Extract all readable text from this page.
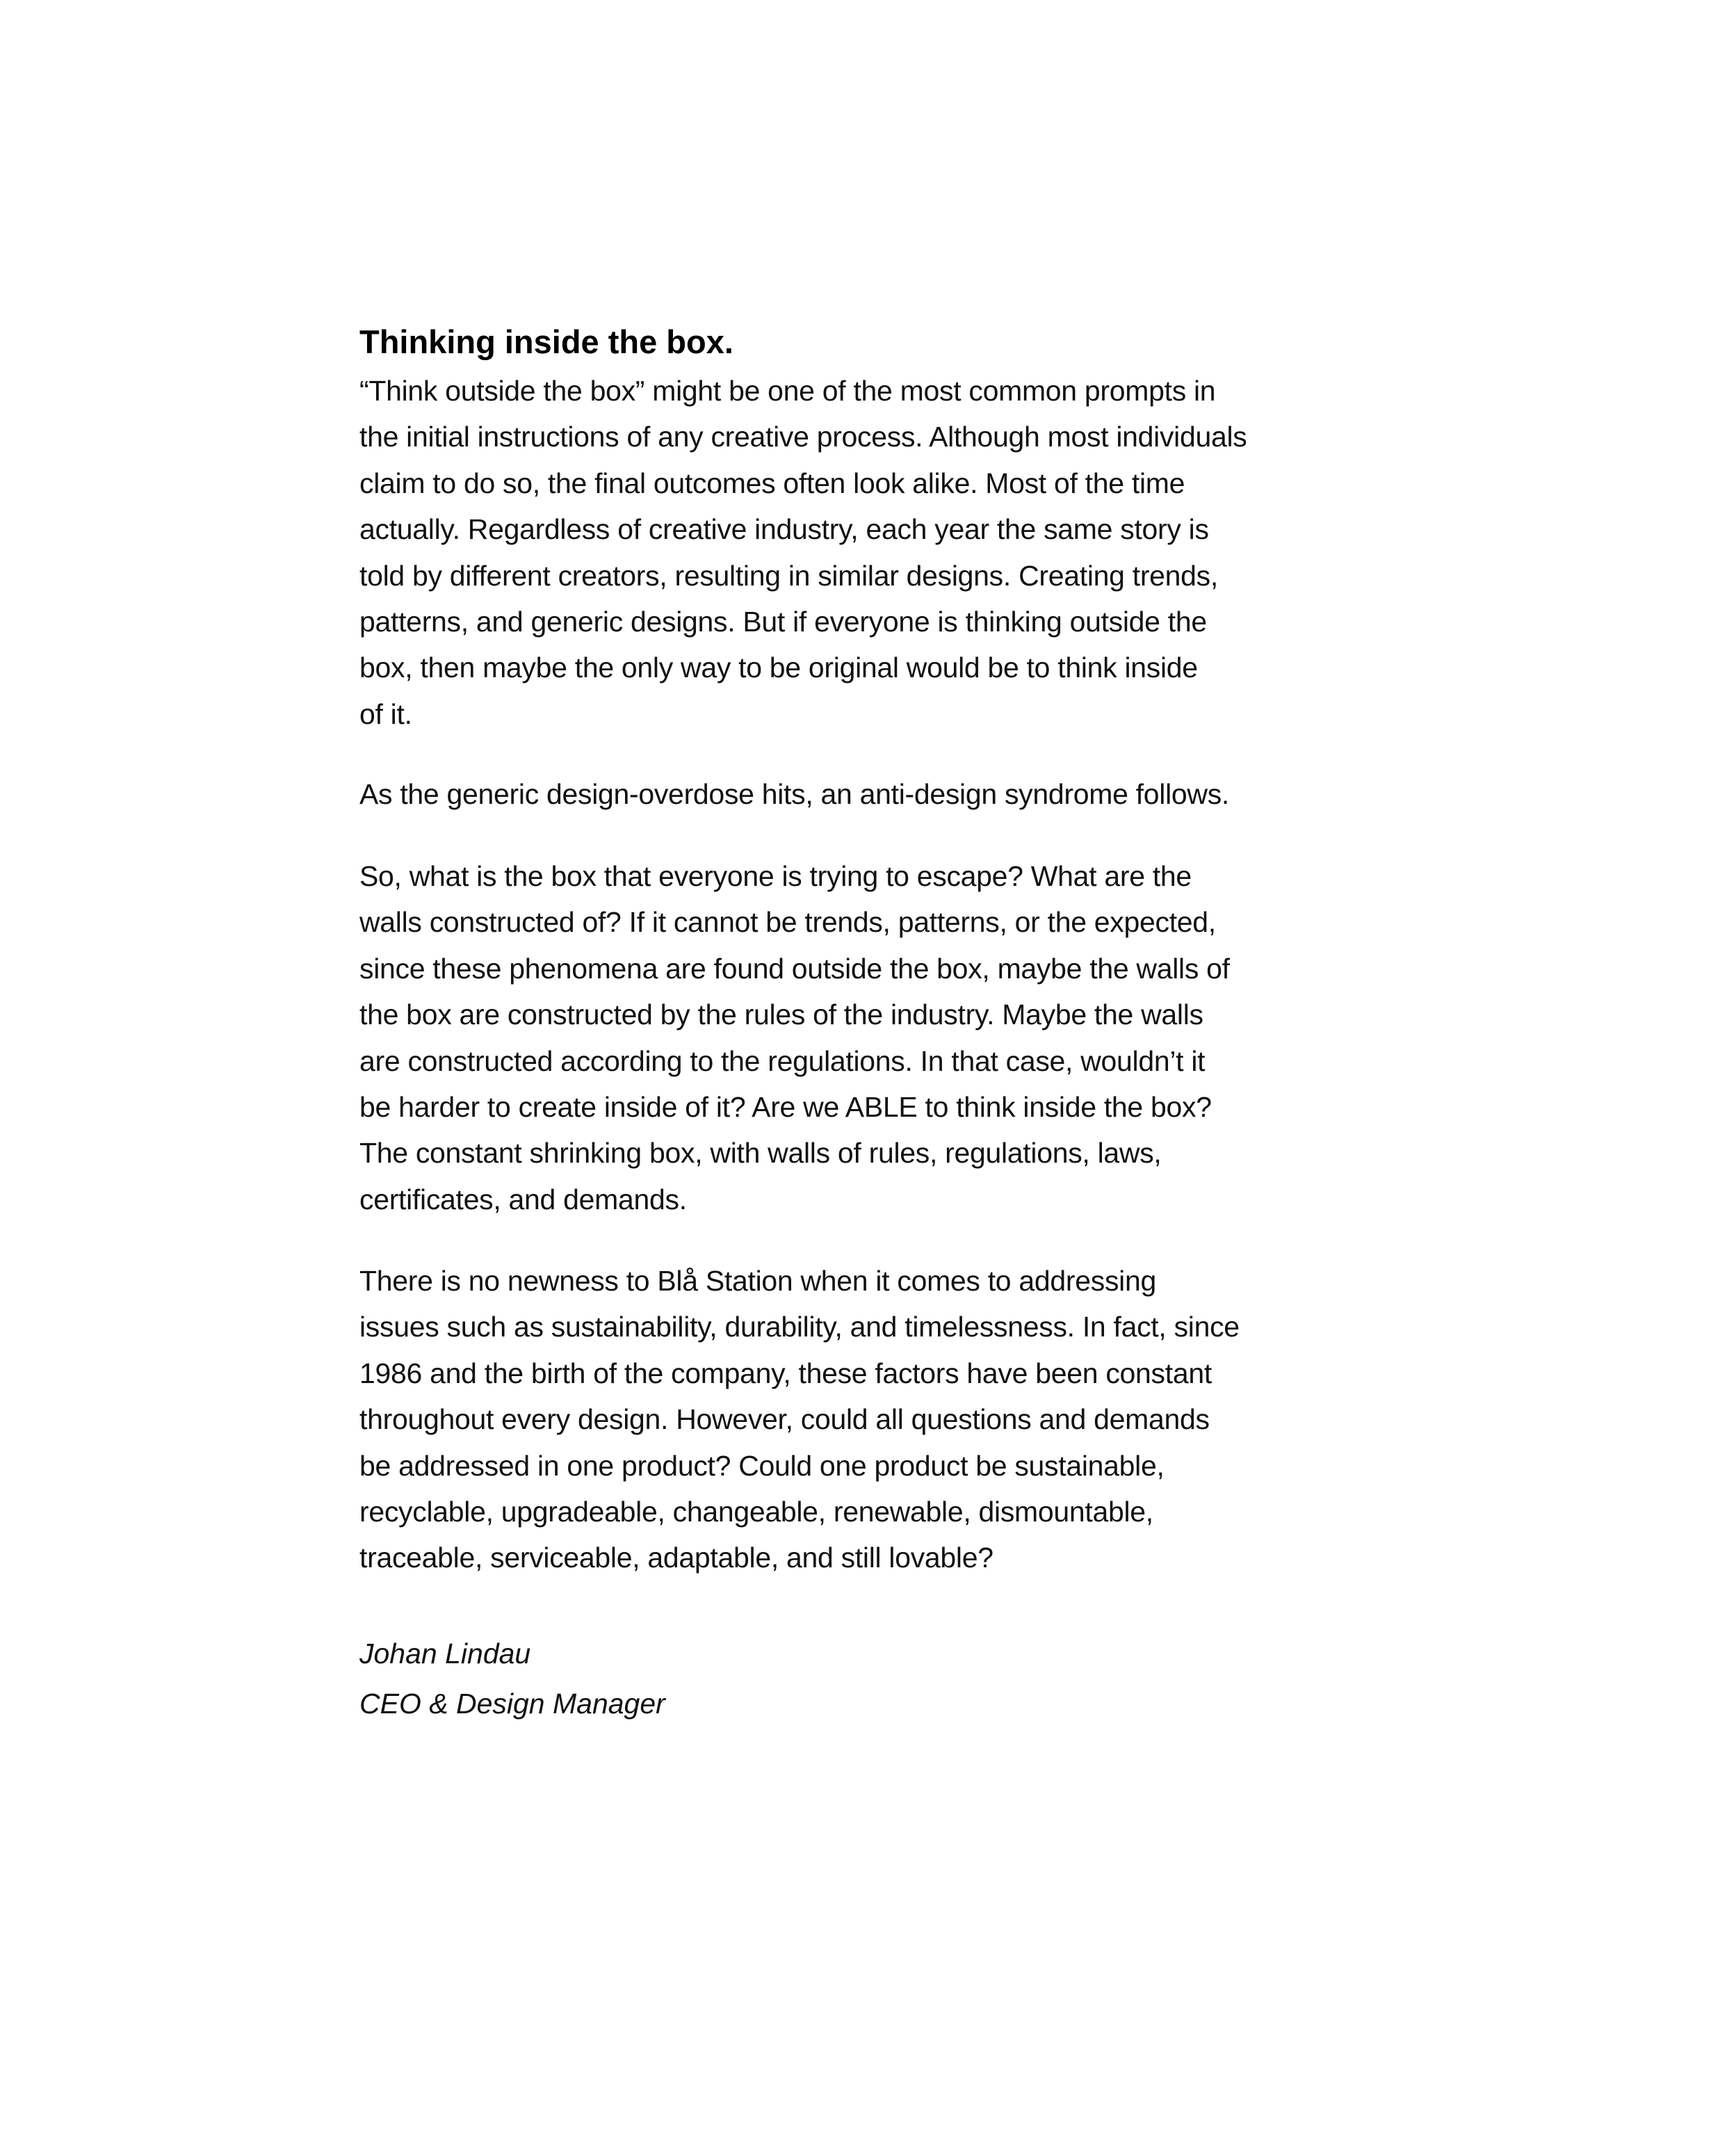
Thinking inside the box.
“Think outside the box” might be one of the most common prompts in
the initial instructions of any creative process. Although most individuals
claim to do so, the final outcomes often look alike. Most of the time
actually. Regardless of creative industry, each year the same story is
told by different creators, resulting in similar designs. Creating trends,
patterns, and generic designs. But if everyone is thinking outside the
box, then maybe the only way to be original would be to think inside
of it.
As the generic design-overdose hits, an anti-design syndrome follows.
So, what is the box that everyone is trying to escape? What are the
walls constructed of? If it cannot be trends, patterns, or the expected,
since these phenomena are found outside the box, maybe the walls of
the box are constructed by the rules of the industry. Maybe the walls
are constructed according to the regulations. In that case, wouldn’t it
be harder to create inside of it? Are we ABLE to think inside the box?
The constant shrinking box, with walls of rules, regulations, laws,
certificates, and demands.
There is no newness to Blå Station when it comes to addressing
issues such as sustainability, durability, and timelessness. In fact, since
1986 and the birth of the company, these factors have been constant
throughout every design. However, could all questions and demands
be addressed in one product? Could one product be sustainable,
recyclable, upgradeable, changeable, renewable, dismountable,
traceable, serviceable, adaptable, and still lovable?
Johan Lindau
CEO & Design Manager
